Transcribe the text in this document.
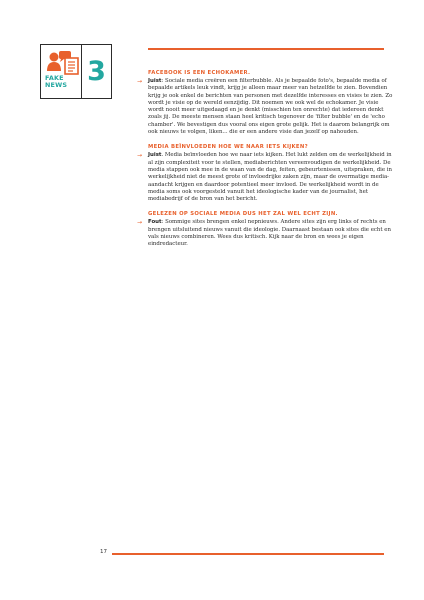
FAKE
NEWS 3	FACEBOOK IS EEN ECHOKAMER.

→ Juist: Sociale media creëren een filterbubble. Als je bepaalde foto's, bepaalde media of bepaalde artikels leuk vindt, krijg je alleen maar meer van hetzelfde te zien. Bovendien krijg je ook enkel de berichten van personen met dezelfde interesses en visies te zien. Zo wordt je visie op de wereld eenzijdig. Dit noemen we ook wel de echokamer. Je visie wordt nooit meer uitgedaagd en je denkt (misschien ten onrechte) dat iedereen denkt zoals jij. De meeste mensen staan heel kritisch tegenover de 'filter bubble' en de 'echo chamber'. We bevestigen dus vooral ons eigen grote gelijk. Het is daarom belangrijk om ook nieuws te volgen, liken... die er een andere visie dan jezelf op nahouden.

MEDIA BEÏNVLOEDEN HOE WE NAAR IETS KIJKEN?

→ Juist. Media beïnvloeden hoe we naar iets kijken. Het lukt zelden om de werkelijkheid in al zijn complexiteit voor te stellen, mediaberichten vereenvoudigen de werkelijkheid. De media stappen ook mee in de waan van de dag, feiten, gebeurtenissen, uitspraken, die in werkelijkheid niet de meest grote of invloedrijke zaken zijn, maar de overmatige media-aandacht krijgen en daardoor potentieel meer invloed. De werkelijkheid wordt in de media soms ook voorgesteld vanuit het ideologische kader van de journalist, het mediabedrijf of de bron van het bericht.

GELEZEN OP SOCIALE MEDIA DUS HET ZAL WEL ECHT ZIJN.

→ Fout: Sommige sites brengen enkel nepnieuws. Andere sites zijn erg links of rechts en brengen uitsluitend nieuws vanuit die ideologie. Daarnaast bestaan ook sites die echt en vals nieuws combineren. Wees dus kritisch. Kijk naar de bron en wees je eigen eindredacteur.

17
